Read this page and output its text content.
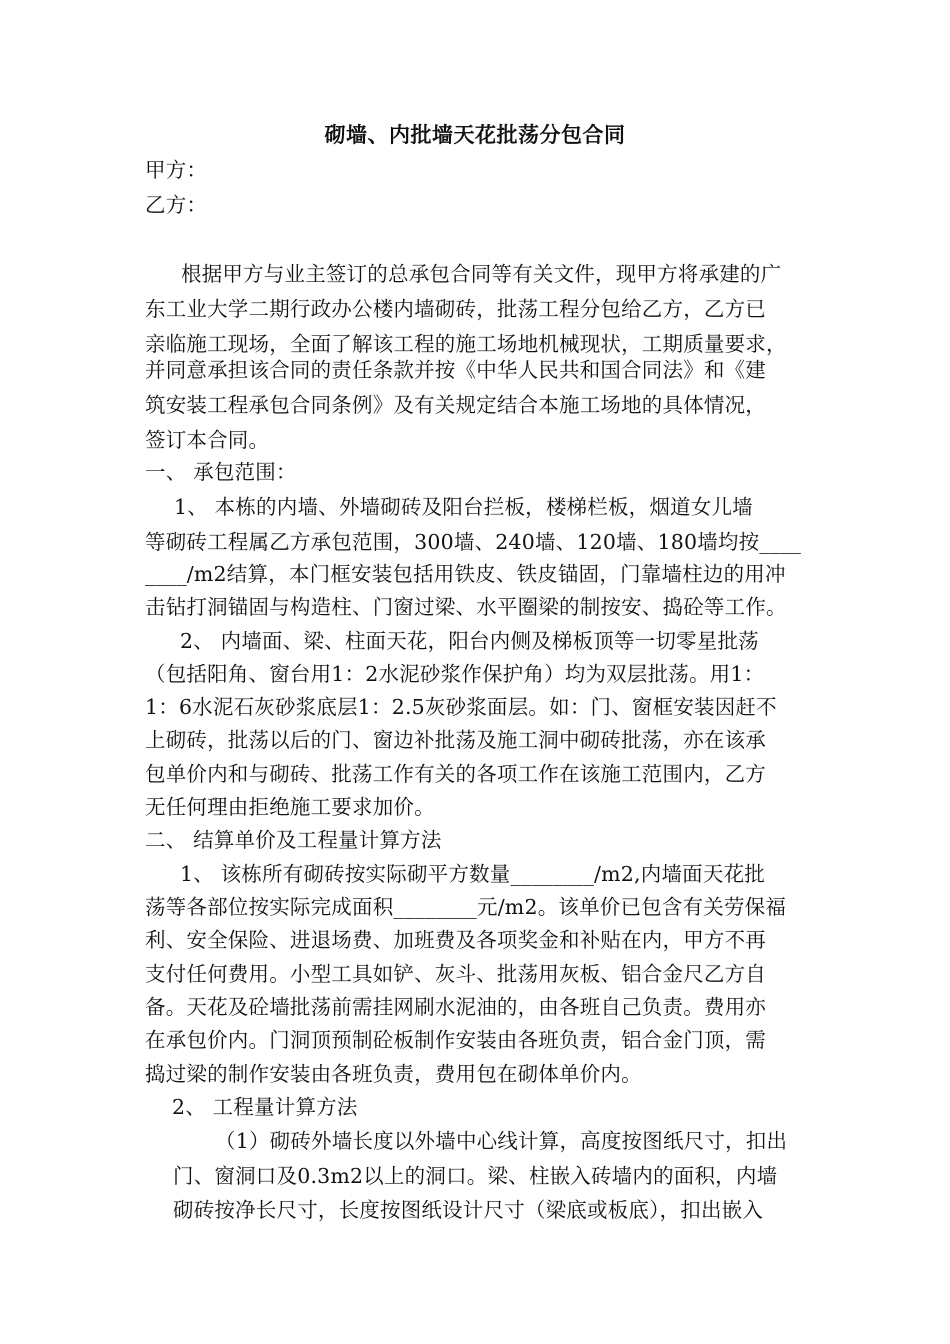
砌墙、内批墙天花批荡分包合同
甲方：
乙方：
根据甲方与业主签订的总承包合同等有关文件，现甲方将承建的广
东工业大学二期行政办公楼内墙砌砖，批荡工程分包给乙方，乙方已
亲临施工现场，全面了解该工程的施工场地机械现状，工期质量要求，
并同意承担该合同的责任条款并按《中华人民共和国合同法》和《建
筑安装工程承包合同条例》及有关规定结合本施工场地的具体情况，
签订本合同。
一、 承包范围：
1、 本栋的内墙、外墙砌砖及阳台拦板，楼梯栏板，烟道女儿墙
等砌砖工程属乙方承包范围，300墙、240墙、120墙、180墙均按____
____/m2结算，本门框安装包括用铁皮、铁皮锚固，门靠墙柱边的用冲
击钻打洞锚固与构造柱、门窗过梁、水平圈梁的制按安、捣砼等工作。
2、 内墙面、梁、柱面天花，阳台内侧及梯板顶等一切零星批荡
（包括阳角、窗台用1：2水泥砂浆作保护角）均为双层批荡。用1：
1：6水泥石灰砂浆底层1：2.5灰砂浆面层。如：门、窗框安装因赶不
上砌砖，批荡以后的门、窗边补批荡及施工洞中砌砖批荡，亦在该承
包单价内和与砌砖、批荡工作有关的各项工作在该施工范围内，乙方
无任何理由拒绝施工要求加价。
二、 结算单价及工程量计算方法
1、 该栋所有砌砖按实际砌平方数量________/m2,内墙面天花批
荡等各部位按实际完成面积________元/m2。该单价已包含有关劳保福
利、安全保险、进退场费、加班费及各项奖金和补贴在内，甲方不再
支付任何费用。小型工具如铲、灰斗、批荡用灰板、铝合金尺乙方自
备。天花及砼墙批荡前需挂网刷水泥油的，由各班自己负责。费用亦
在承包价内。门洞顶预制砼板制作安装由各班负责，铝合金门顶，需
捣过梁的制作安装由各班负责，费用包在砌体单价内。
2、 工程量计算方法
（1）砌砖外墙长度以外墙中心线计算，高度按图纸尺寸，扣出
门、窗洞口及0.3m2以上的洞口。梁、柱嵌入砖墙内的面积，内墙
砌砖按净长尺寸，长度按图纸设计尺寸（梁底或板底），扣出嵌入
